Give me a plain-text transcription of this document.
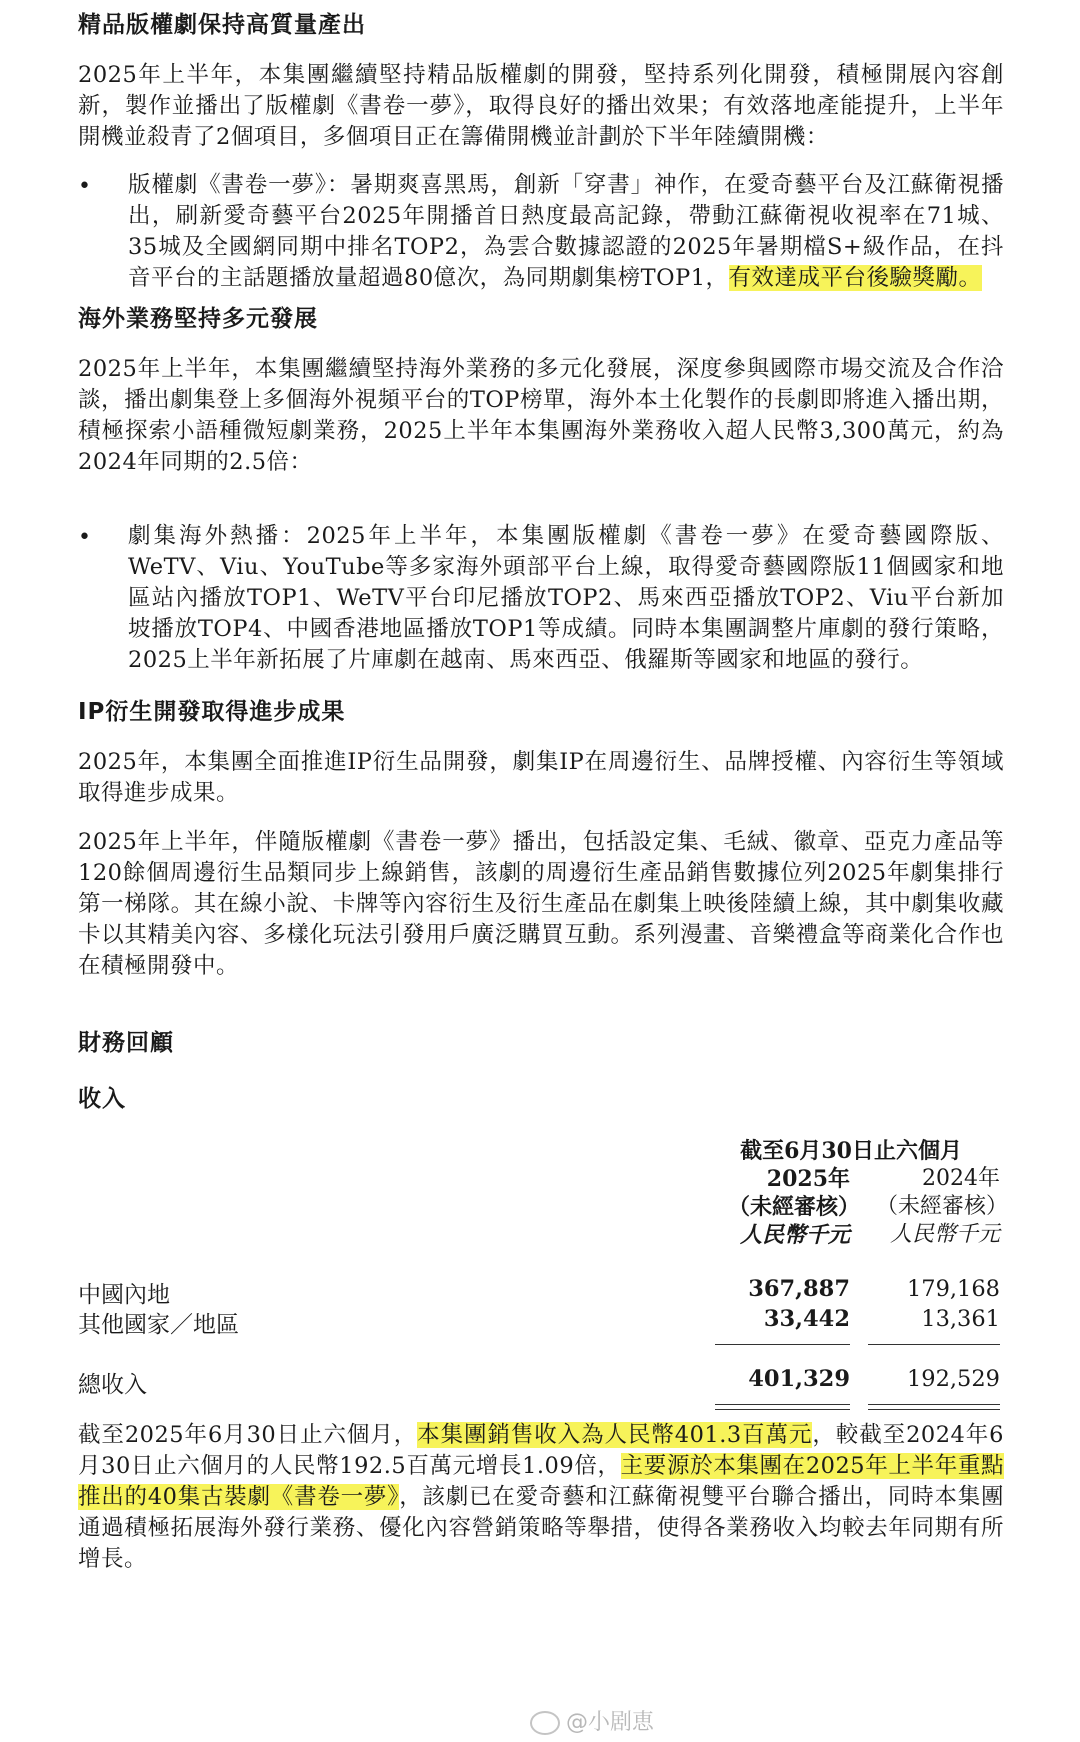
精品版權劇保持高質量產出
2025年上半年，本集團繼續堅持精品版權劇的開發，堅持系列化開發，積極開展內容創新，製作並播出了版權劇《書卷一夢》，取得良好的播出效果；有效落地產能提升，上半年開機並殺青了2個項目，多個項目正在籌備開機並計劃於下半年陸續開機：
• 版權劇《書卷一夢》：暑期爽喜黑馬，創新「穿書」神作，在愛奇藝平台及江蘇衛視播出，刷新愛奇藝平台2025年開播首日熱度最高記錄，帶動江蘇衛視收視率在71城、35城及全國網同期中排名TOP2，為雲合數據認證的2025年暑期檔S+級作品，在抖音平台的主話題播放量超過80億次，為同期劇集榜TOP1，有效達成平台後驗獎勵。
海外業務堅持多元發展
2025年上半年，本集團繼續堅持海外業務的多元化發展，深度參與國際市場交流及合作洽談，播出劇集登上多個海外視頻平台的TOP榜單，海外本土化製作的長劇即將進入播出期，積極探索小語種微短劇業務，2025上半年本集團海外業務收入超人民幣3,300萬元，約為2024年同期的2.5倍：
• 劇集海外熱播：2025年上半年，本集團版權劇《書卷一夢》在愛奇藝國際版、WeTV、Viu、YouTube等多家海外頭部平台上線，取得愛奇藝國際版11個國家和地區站內播放TOP1、WeTV平台印尼播放TOP2、馬來西亞播放TOP2、Viu平台新加坡播放TOP4、中國香港地區播放TOP1等成績。同時本集團調整片庫劇的發行策略，2025上半年新拓展了片庫劇在越南、馬來西亞、俄羅斯等國家和地區的發行。
IP衍生開發取得進步成果
2025年，本集團全面推進IP衍生品開發，劇集IP在周邊衍生、品牌授權、內容衍生等領域取得進步成果。
2025年上半年，伴隨版權劇《書卷一夢》播出，包括設定集、毛絨、徽章、亞克力產品等120餘個周邊衍生品類同步上線銷售，該劇的周邊衍生產品銷售數據位列2025年劇集排行第一梯隊。其在線小說、卡牌等內容衍生及衍生產品在劇集上映後陸續上線，其中劇集收藏卡以其精美內容、多樣化玩法引發用戶廣泛購買互動。系列漫畫、音樂禮盒等商業化合作也在積極開發中。
財務回顧
收入
截至6月30日止六個月
2025年
（未經審核）
人民幣千元
2024年
（未經審核）
人民幣千元
中國內地	367,887	179,168
其他國家／地區	33,442	13,361
總收入	401,329	192,529
截至2025年6月30日止六個月，本集團銷售收入為人民幣401.3百萬元，較截至2024年6月30日止六個月的人民幣192.5百萬元增長1.09倍，主要源於本集團在2025年上半年重點推出的40集古裝劇《書卷一夢》，該劇已在愛奇藝和江蘇衛視雙平台聯合播出，同時本集團通過積極拓展海外發行業務、優化內容營銷策略等舉措，使得各業務收入均較去年同期有所增長。
@小剧恵
